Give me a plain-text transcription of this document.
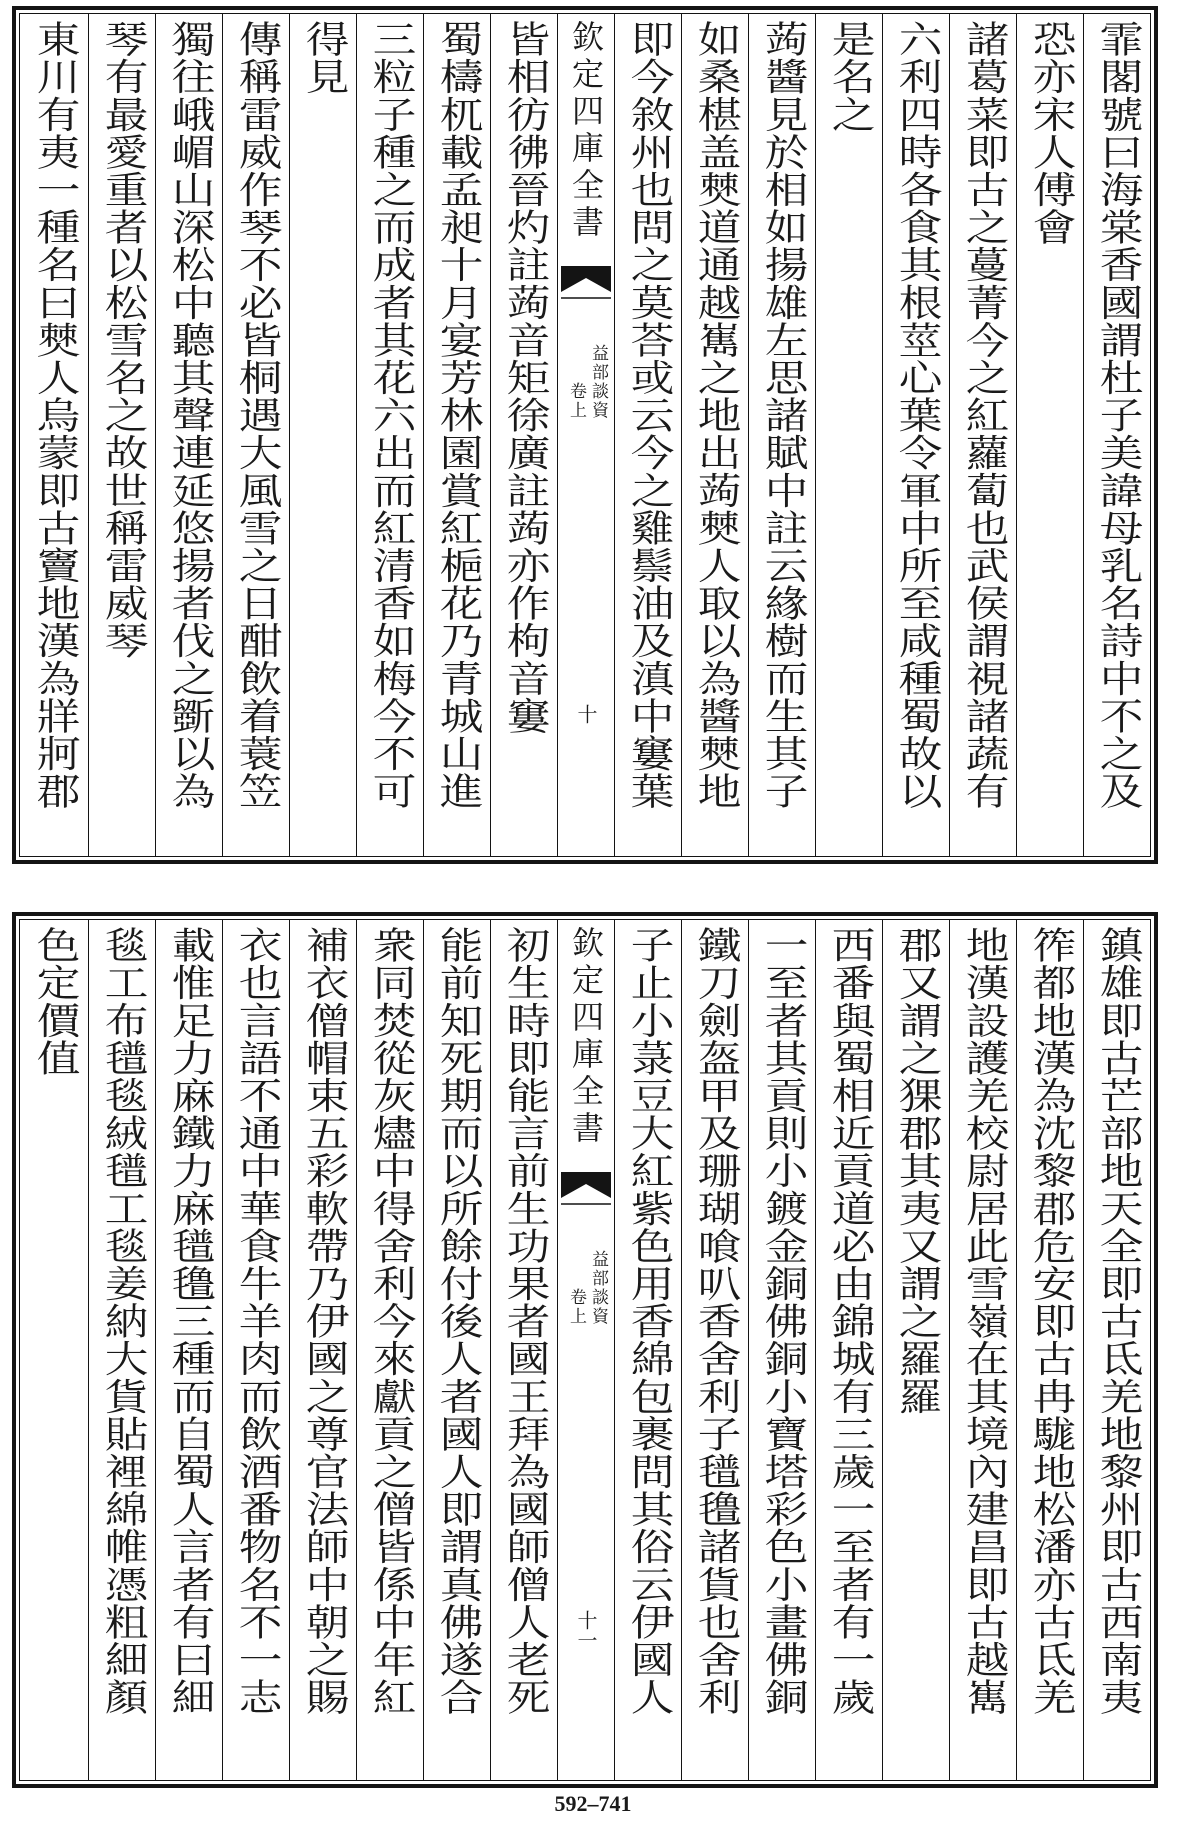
霏閣號曰海棠香國謂杜子美諱母乳名詩中不之及
恐亦宋人傅會
諸葛菜即古之蔓菁今之紅蘿蔔也武侯謂視諸蔬有
六利四時各食其根莖心葉令軍中所至咸種蜀故以
是名之
蒟醬見於相如揚雄左思諸賦中註云緣樹而生其子
如桑椹盖僰道通越嶲之地出蒟僰人取以為醬僰地
即今敘州也問之莫荅或云今之雞鬃油及滇中窶葉
欽定四庫全書
益部談資
卷上
十
皆相彷彿晉灼註蒟音矩徐廣註蒟亦作枸音窶
蜀檮杌載孟昶十月宴芳林園賞紅梔花乃青城山進
三粒子種之而成者其花六出而紅清香如梅今不可
得見
傳稱雷威作琴不必皆桐遇大風雪之日酣飲着蓑笠
獨往峨嵋山深松中聽其聲連延悠揚者伐之斵以為
琴有最愛重者以松雪名之故世稱雷威琴
東川有夷一種名曰僰人烏蒙即古竇地漢為牂牁郡
鎮雄即古芒部地天全即古氐羌地黎州即古西南夷
筰都地漢為沈黎郡危安即古冉駹地松潘亦古氐羌
地漢設護羌校尉居此雪嶺在其境內建昌即古越嶲
郡又謂之猓郡其夷又謂之羅羅
西番與蜀相近貢道必由錦城有三歲一至者有一歲
一至者其貢則小鍍金銅佛銅小寶塔彩色小畫佛銅
鐵刀劍盔甲及珊瑚喰叭香舍利子氆氇諸貨也舍利
子止小菉豆大紅紫色用香綿包裹問其俗云伊國人
欽定四庫全書
益部談資
卷上
十一
初生時即能言前生功果者國王拜為國師僧人老死
能前知死期而以所餘付後人者國人即謂真佛遂合
衆同焚從灰燼中得舍利今來獻貢之僧皆係中年紅
補衣僧帽束五彩軟帶乃伊國之尊官法師中朝之賜
衣也言語不通中華食牛羊肉而飲酒番物名不一志
載惟足力麻鐵力麻氆氇三種而自蜀人言者有曰細
毯工布氆毯絨氆工毯姜納大貨貼裡綿帷憑粗細顏
色定價值
592–741
